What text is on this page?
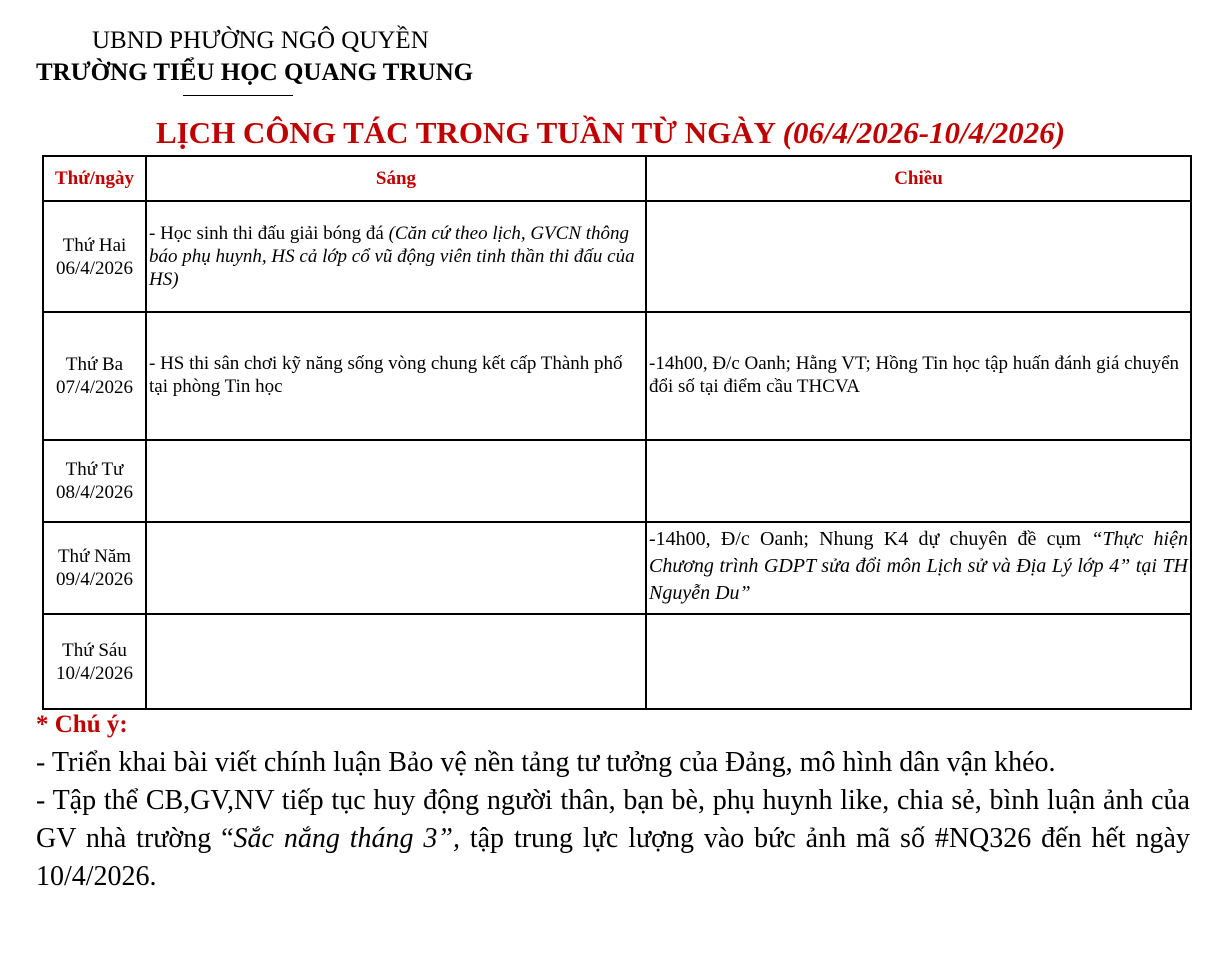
UBND PHƯỜNG NGÔ QUYỀN
TRƯỜNG TIỂU HỌC QUANG TRUNG
LỊCH CÔNG TÁC TRONG TUẦN TỪ NGÀY (06/4/2026-10/4/2026)
Thứ/ngày	Sáng	Chiều

Thứ Hai
06/4/2026	- Học sinh thi đấu giải bóng đá (Căn cứ theo lịch, GVCN thông báo phụ huynh, HS cả lớp cổ vũ động viên tinh thần thi đấu của HS)	

Thứ Ba
07/4/2026	- HS thi sân chơi kỹ năng sống vòng chung kết cấp Thành phố tại phòng Tin học	-14h00, Đ/c Oanh; Hằng VT; Hồng Tin học tập huấn đánh giá chuyển đổi số tại điểm cầu THCVA

Thứ Tư
08/4/2026		

Thứ Năm
09/4/2026		-14h00, Đ/c Oanh; Nhung K4 dự chuyên đề cụm “Thực hiện Chương trình GDPT sửa đổi môn Lịch sử và Địa Lý lớp 4” tại TH Nguyễn Du”

Thứ Sáu
10/4/2026		

* Chú ý:

- Triển khai bài viết chính luận Bảo vệ nền tảng tư tưởng của Đảng, mô hình dân vận khéo.

- Tập thể CB,GV,NV tiếp tục huy động người thân, bạn bè, phụ huynh like, chia sẻ, bình luận ảnh của GV nhà trường “Sắc nắng tháng 3”, tập trung lực lượng vào bức ảnh mã số #NQ326 đến hết ngày 10/4/2026.
